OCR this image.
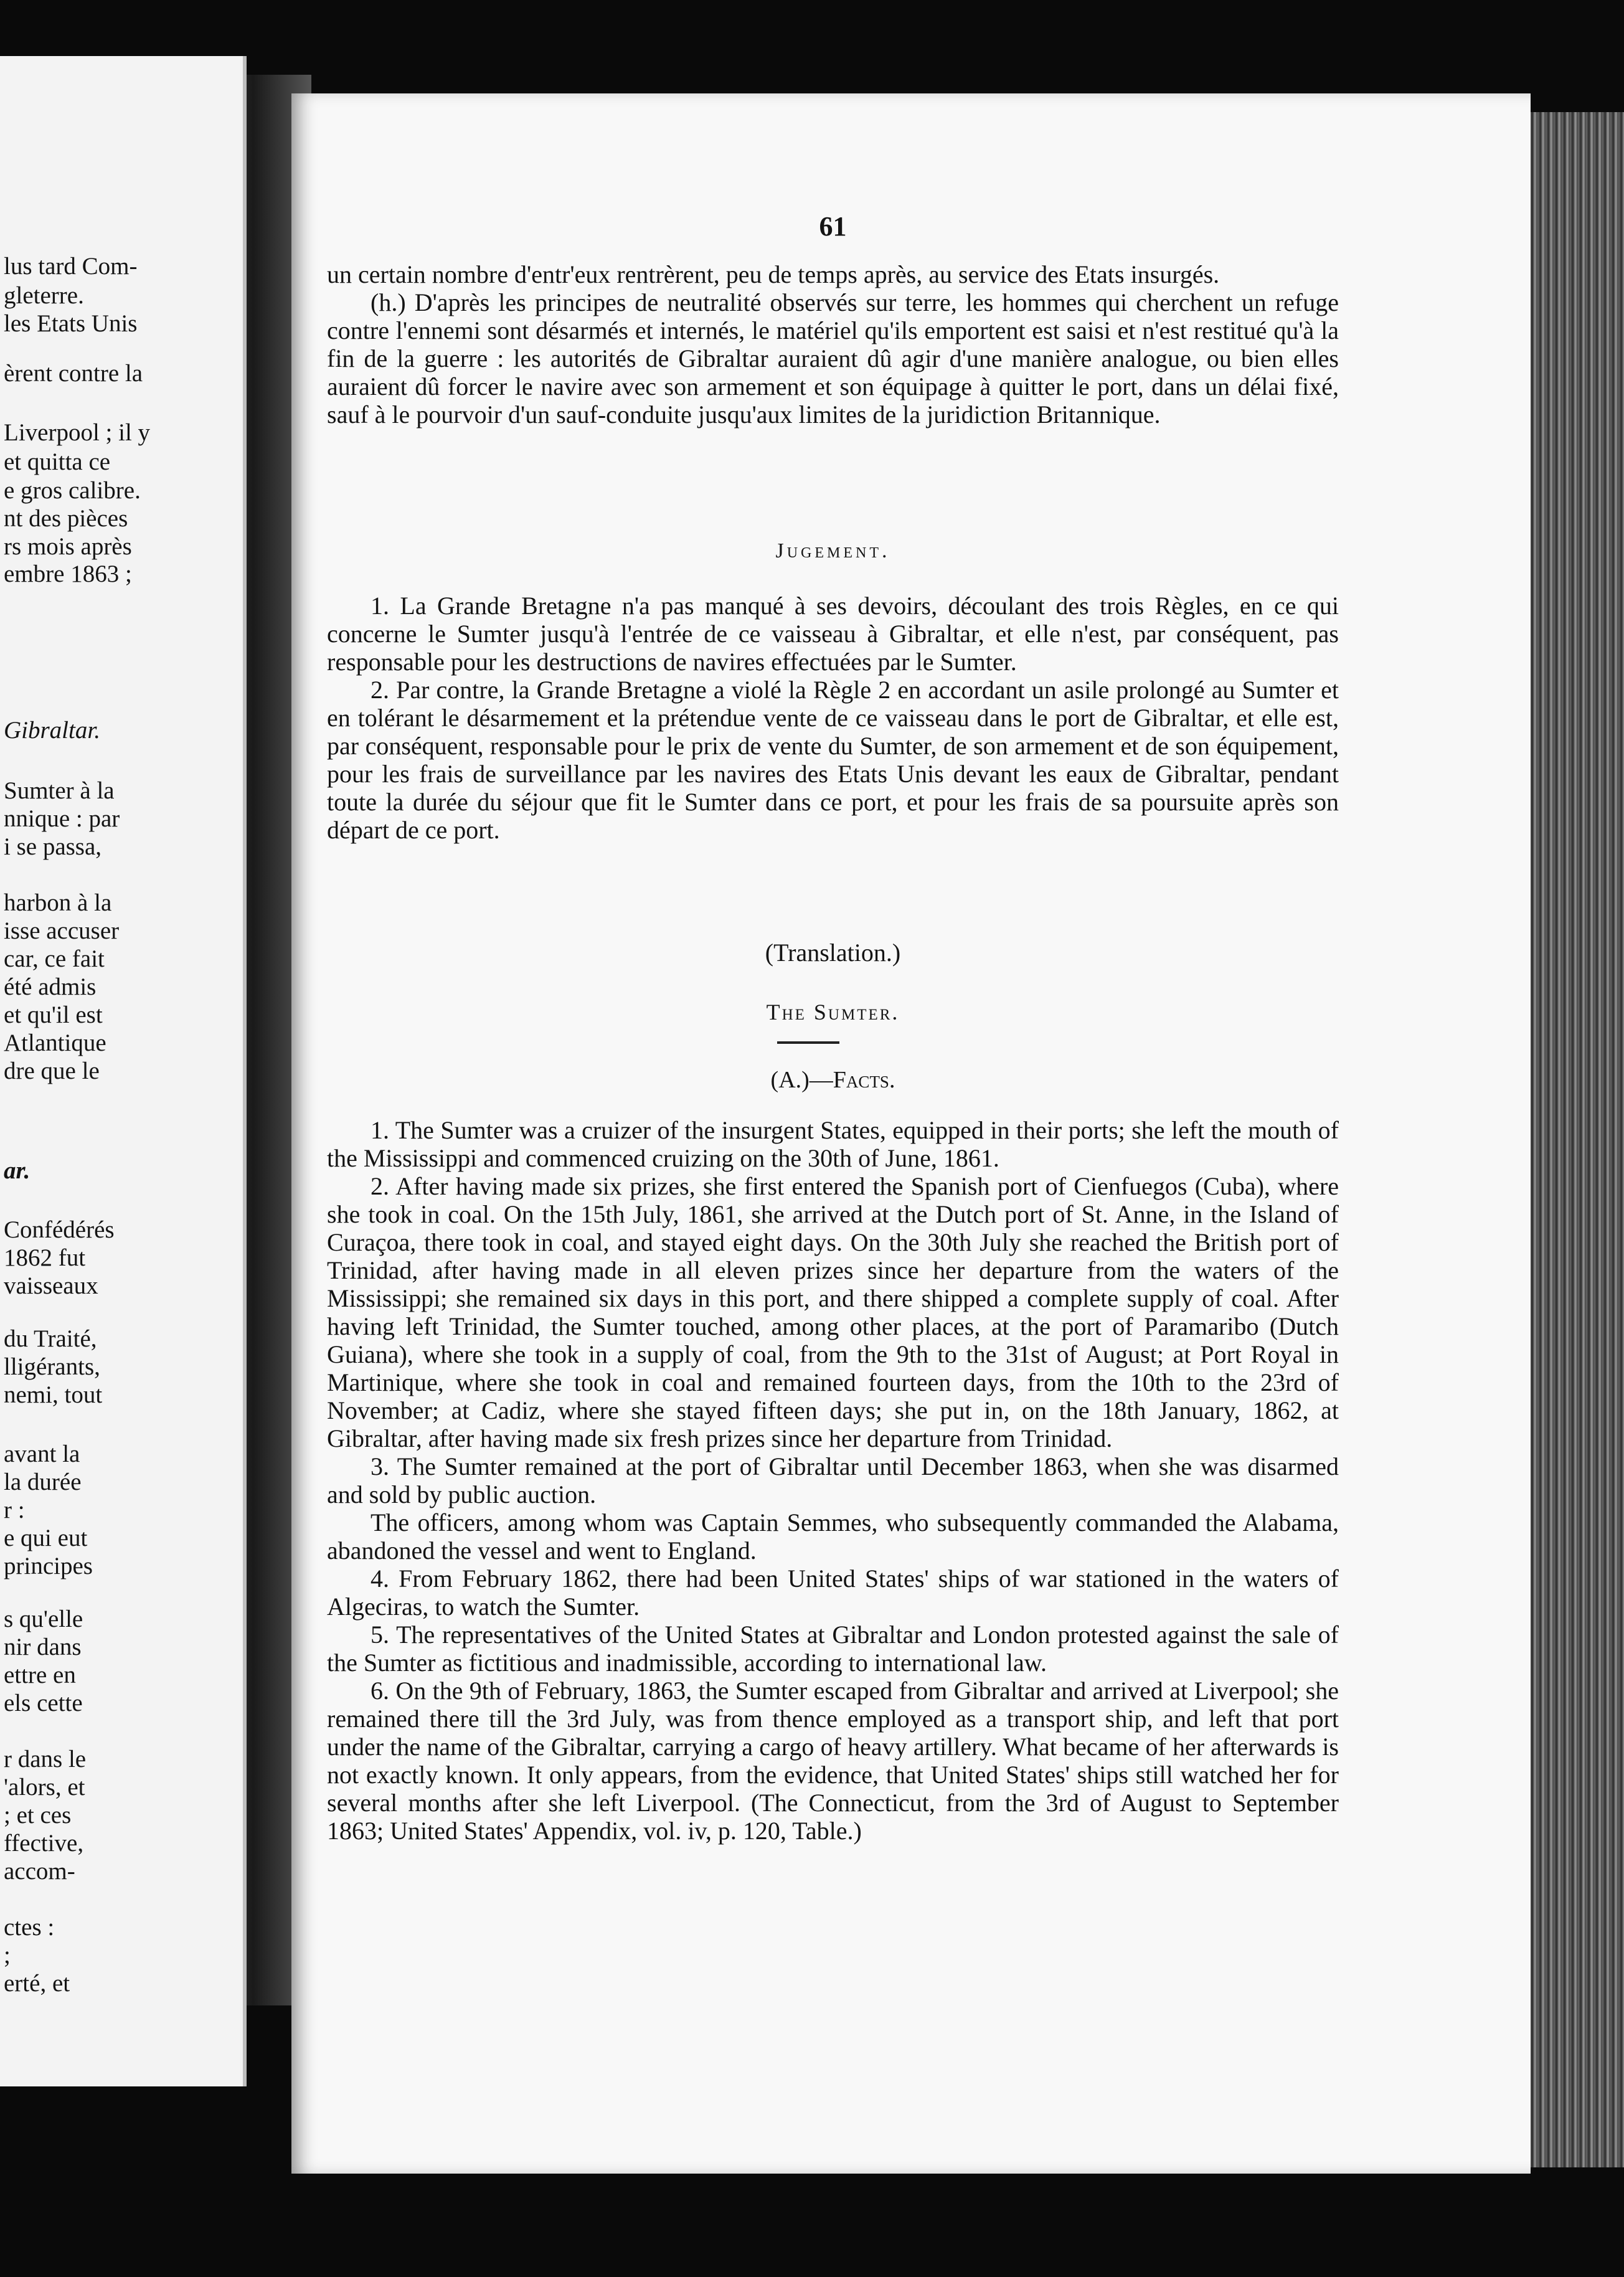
lus tard Com-
gleterre.
les Etats Unis
èrent contre la
Liverpool ; il y
et quitta ce
e gros calibre.
nt des pièces
rs mois après
embre 1863 ;
Gibraltar.
Sumter à la
nnique : par
i se passa,
harbon à la
isse accuser
car, ce fait
été admis
et qu'il est
Atlantique
dre que le
ar.
Confédérés
1862 fut
vaisseaux
du Traité,
lligérants,
nemi, tout
avant la
la durée
r :
e qui eut
principes
s qu'elle
nir dans
ettre en
els cette
r dans le
'alors, et
; et ces
ffective,
accom-
ctes :
;
erté, et
61

un certain nombre d'entr'eux rentrèrent, peu de temps après, au service des Etats insurgés.

(h.) D'après les principes de neutralité observés sur terre, les hommes qui cherchent un refuge contre l'ennemi sont désarmés et internés, le matériel qu'ils emportent est saisi et n'est restitué qu'à la fin de la guerre : les autorités de Gibraltar auraient dû agir d'une manière analogue, ou bien elles auraient dû forcer le navire avec son armement et son équipage à quitter le port, dans un délai fixé, sauf à le pourvoir d'un sauf-conduite jusqu'aux limites de la juridiction Britannique.

Jugement.

1. La Grande Bretagne n'a pas manqué à ses devoirs, découlant des trois Règles, en ce qui concerne le Sumter jusqu'à l'entrée de ce vaisseau à Gibraltar, et elle n'est, par conséquent, pas responsable pour les destructions de navires effectuées par le Sumter.

2. Par contre, la Grande Bretagne a violé la Règle 2 en accordant un asile prolongé au Sumter et en tolérant le désarmement et la prétendue vente de ce vaisseau dans le port de Gibraltar, et elle est, par conséquent, responsable pour le prix de vente du Sumter, de son armement et de son équipement, pour les frais de surveillance par les navires des Etats Unis devant les eaux de Gibraltar, pendant toute la durée du séjour que fit le Sumter dans ce port, et pour les frais de sa poursuite après son départ de ce port.

(Translation.)
The Sumter.
(A.)—Facts.

1. The Sumter was a cruizer of the insurgent States, equipped in their ports; she left the mouth of the Mississippi and commenced cruizing on the 30th of June, 1861.

2. After having made six prizes, she first entered the Spanish port of Cienfuegos (Cuba), where she took in coal. On the 15th July, 1861, she arrived at the Dutch port of St. Anne, in the Island of Curaçoa, there took in coal, and stayed eight days. On the 30th July she reached the British port of Trinidad, after having made in all eleven prizes since her departure from the waters of the Mississippi; she remained six days in this port, and there shipped a complete supply of coal. After having left Trinidad, the Sumter touched, among other places, at the port of Paramaribo (Dutch Guiana), where she took in a supply of coal, from the 9th to the 31st of August; at Port Royal in Martinique, where she took in coal and remained fourteen days, from the 10th to the 23rd of November; at Cadiz, where she stayed fifteen days; she put in, on the 18th January, 1862, at Gibraltar, after having made six fresh prizes since her departure from Trinidad.

3. The Sumter remained at the port of Gibraltar until December 1863, when she was disarmed and sold by public auction.

The officers, among whom was Captain Semmes, who subsequently commanded the Alabama, abandoned the vessel and went to England.

4. From February 1862, there had been United States' ships of war stationed in the waters of Algeciras, to watch the Sumter.

5. The representatives of the United States at Gibraltar and London protested against the sale of the Sumter as fictitious and inadmissible, according to international law.

6. On the 9th of February, 1863, the Sumter escaped from Gibraltar and arrived at Liverpool; she remained there till the 3rd July, was from thence employed as a transport ship, and left that port under the name of the Gibraltar, carrying a cargo of heavy artillery. What became of her afterwards is not exactly known. It only appears, from the evidence, that United States' ships still watched her for several months after she left Liverpool. (The Connecticut, from the 3rd of August to September 1863; United States' Appendix, vol. iv, p. 120, Table.)
